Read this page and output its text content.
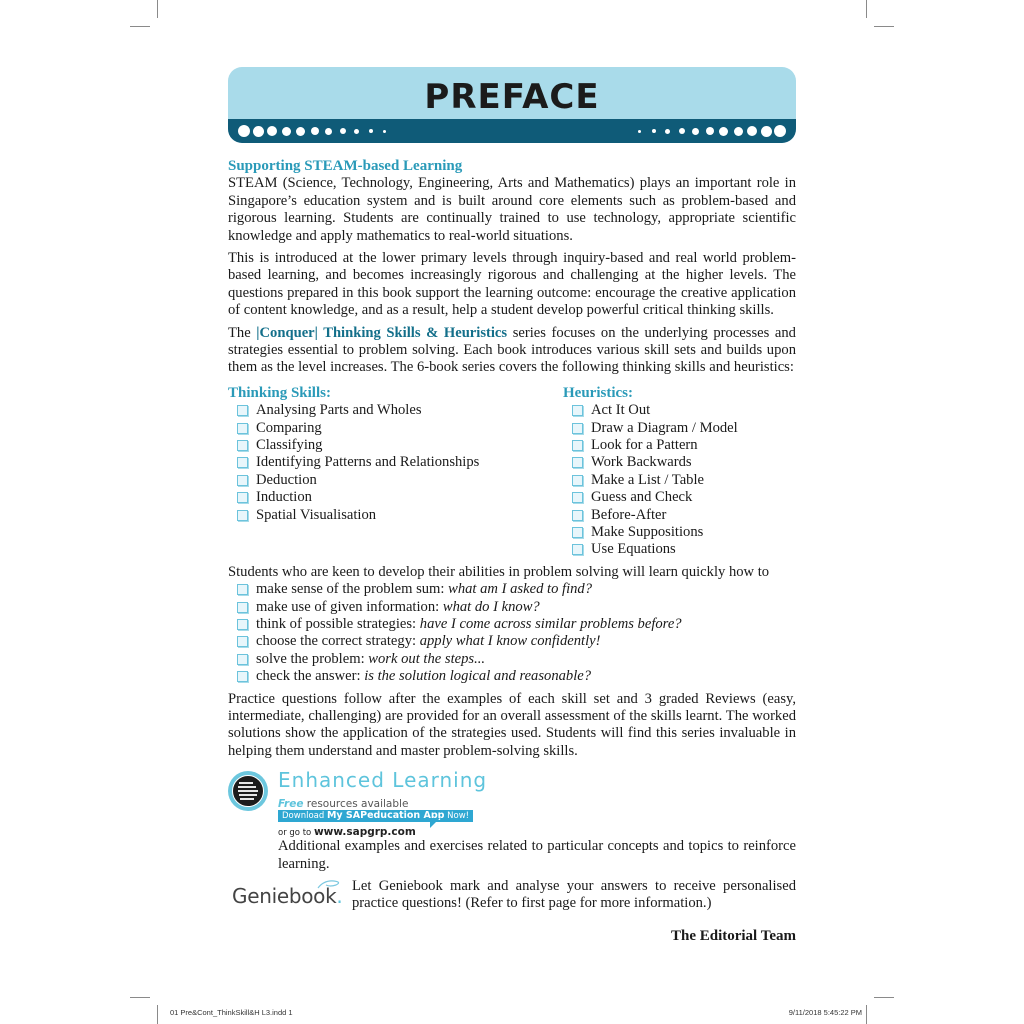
PREFACE
Supporting STEAM-based Learning

STEAM (Science, Technology, Engineering, Arts and Mathematics) plays an important role in Singapore’s education system and is built around core elements such as problem-based and rigorous learning. Students are continually trained to use technology, appropriate scientific knowledge and apply mathematics to real-world situations.

This is introduced at the lower primary levels through inquiry-based and real world problem-based learning, and becomes increasingly rigorous and challenging at the higher levels. The questions prepared in this book support the learning outcome: encourage the creative application of content knowledge, and as a result, help a student develop powerful critical thinking skills.

The |Conquer| Thinking Skills & Heuristics series focuses on the underlying processes and strategies essential to problem solving. Each book introduces various skill sets and builds upon them as the level increases. The 6-book series covers the following thinking skills and heuristics:

Thinking Skills:
Analysing Parts and Wholes
Comparing
Classifying
Identifying Patterns and Relationships
Deduction
Induction
Spatial Visualisation
Heuristics:
Act It Out
Draw a Diagram / Model
Look for a Pattern
Work Backwards
Make a List / Table
Guess and Check
Before-After
Make Suppositions
Use Equations

Students who are keen to develop their abilities in problem solving will learn quickly how to

make sense of the problem sum: what am I asked to find?
make use of given information: what do I know?
think of possible strategies: have I come across similar problems before?
choose the correct strategy: apply what I know confidently!
solve the problem: work out the steps...
check the answer: is the solution logical and reasonable?

Practice questions follow after the examples of each skill set and 3 graded Reviews (easy, intermediate, challenging) are provided for an overall assessment of the skills learnt. The worked solutions show the application of the strategies used. Students will find this series invaluable in helping them understand and master problem-solving skills.

Enhanced Learning
Free resources available
Download My SAPeducation App Now!
or go to www.sapgrp.com

Additional examples and exercises related to particular concepts and topics to reinforce learning.

Geniebook. Let Geniebook mark and analyse your answers to receive personalised practice questions! (Refer to first page for more information.)

The Editorial Team
01 Pre&Cont_ThinkSkill&H L3.indd 1	9/11/2018 5:45:22 PM
